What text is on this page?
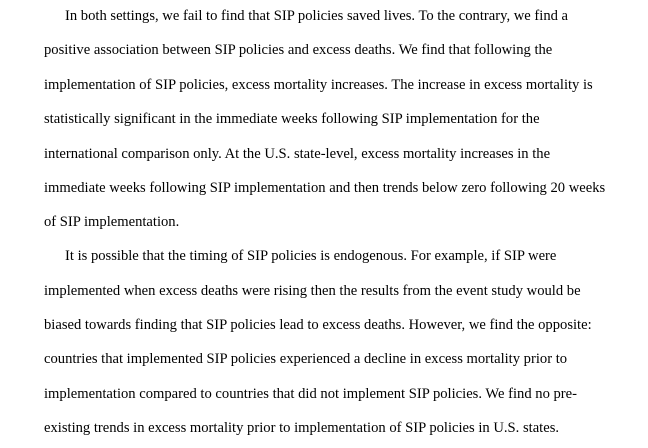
In both settings, we fail to find that SIP policies saved lives. To the contrary, we find a

positive association between SIP policies and excess deaths. We find that following the

implementation of SIP policies, excess mortality increases. The increase in excess mortality is

statistically significant in the immediate weeks following SIP implementation for the

international comparison only. At the U.S. state-level, excess mortality increases in the

immediate weeks following SIP implementation and then trends below zero following 20 weeks

of SIP implementation.

It is possible that the timing of SIP policies is endogenous. For example, if SIP were

implemented when excess deaths were rising then the results from the event study would be

biased towards finding that SIP policies lead to excess deaths. However, we find the opposite:

countries that implemented SIP policies experienced a decline in excess mortality prior to

implementation compared to countries that did not implement SIP policies. We find no pre-

existing trends in excess mortality prior to implementation of SIP policies in U.S. states.
